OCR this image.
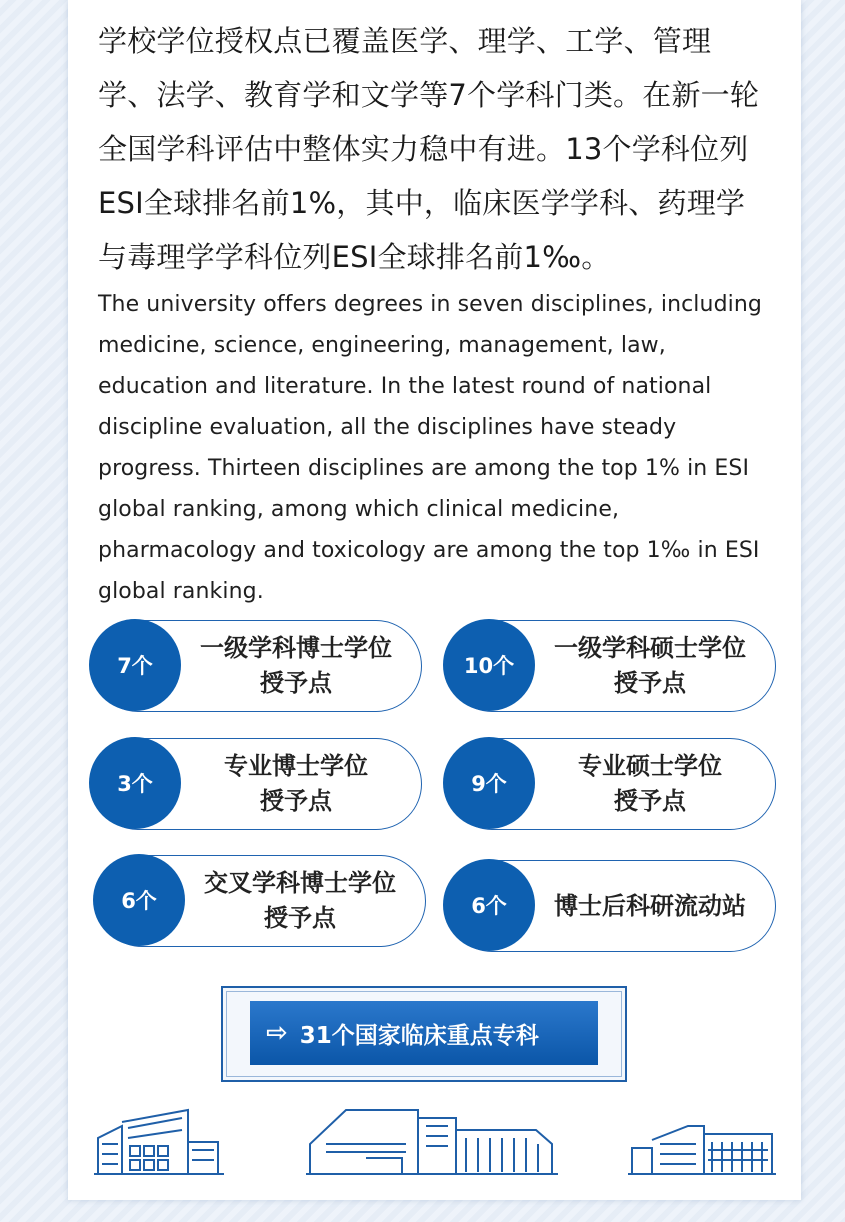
学校学位授权点已覆盖医学、理学、工学、管理学、法学、教育学和文学等7个学科门类。在新一轮全国学科评估中整体实力稳中有进。13个学科位列ESI全球排名前1%，其中，临床医学学科、药理学与毒理学学科位列ESI全球排名前1‰。

The university offers degrees in seven disciplines, including medicine, science, engineering, management, law, education and literature. In the latest round of national discipline evaluation, all the disciplines have steady progress. Thirteen disciplines are among the top 1% in ESI global ranking, among which clinical medicine, pharmacology and toxicology are among the top 1‰ in ESI global ranking.

7个
一级学科博士学位
授予点
10个
一级学科硕士学位
授予点
3个
专业博士学位
授予点
9个
专业硕士学位
授予点
6个
交叉学科博士学位
授予点	6个	博士后科研流动站
⇨ 31个国家临床重点专科
